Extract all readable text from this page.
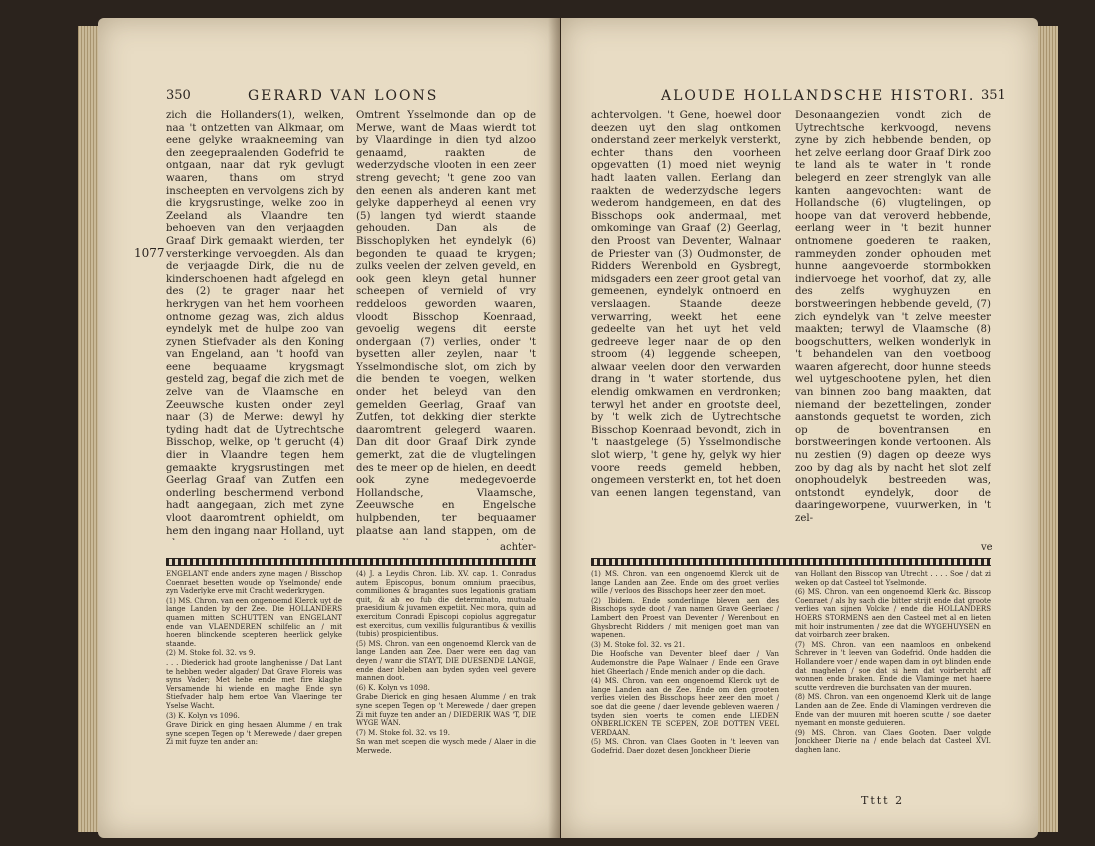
350	GERARD VAN LOONS
1077

zich die Hollanders(1), welken, naa 't ontzetten van Alkmaar, om eene gelyke wraakneeming van den zeegepraalenden Godefrid te ontgaan, naar dat ryk gevlugt waaren, thans om stryd inscheepten en vervolgens zich by die krygsrustinge, welke zoo in Zeeland als Vlaandre ten behoeven van den verjaagden Graaf Dirk gemaakt wierden, ter versterkinge vervoegden. Als dan de verjaagde Dirk, die nu de kinderschoenen hadt afgelegd en des (2) te grager naar het herkrygen van het hem voorheen ontnome gezag was, zich aldus eyndelyk met de hulpe zoo van zynen Stiefvader als den Koning van Engeland, aan 't hoofd van eene bequaame krygsmagt gesteld zag, begaf die zich met de zelve van de Vlaamsche en Zeeuwsche kusten onder zeyl naar (3) de Merwe: dewyl hy tyding hadt dat de Uytrechtsche Bisschop, welke, op 't gerucht (4) dier in Vlaandre tegen hem gemaakte krygsrustingen met Geerlag Graaf van Zutfen een onderling beschermend verbond hadt aangegaan, zich met zyne vloot daaromtrent ophieldt, om hem den ingang naar Holland, uyt

Omtrent Ysselmonde dan op de Merwe, want de Maas wierdt tot by Vlaardinge in dien tyd alzoo genaamd, raakten de wederzydsche vlooten in een zeer streng gevecht; 't gene zoo van den eenen als anderen kant met gelyke dapperheyd al eenen vry (5) langen tyd wierdt staande gehouden. Dan als de Bisschoplyken het eyndelyk (6) begonden te quaad te krygen; zulks veelen der zelven geveld, en ook geen kleyn getal hunner scheepen of vernield of vry reddeloos geworden waaren, vloodt Bisschop Koenraad, gevoelig wegens dit eerste ondergaan (7) verlies, onder 't bysetten aller zeylen, naar 't Ysselmondische slot, om zich by die benden te voegen, welken onder het beleyd van den gemelden Geerlag, Graaf van Zutfen, tot dekking dier sterkte daaromtrent gelegerd waaren. Dan dit door Graaf Dirk zynde gemerkt, zat die de vlugtelingen des te meer op de hielen, en deedt ook zyne medegevoerde Hollandsche, Vlaamsche, Zeeuwsche en Engelsche hulpbenden, ter bequaamer plaatse aan land stappen, om de

achter-

ENGELANT ende anders zyne magen / Bisschop Coenraet besetten woude op Yselmonde/ ende zyn Vaderlyke erve mit Cracht wederkrygen.

(1) MS. Chron. van een ongenoemd Klerck uyt de lange Landen by der Zee. Die HOLLANDERS quamen mitten SCHUTTEN van ENGELANT ende van VLAENDEREN schilfelic an / mit hoeren blinckende scepteren heerlick gelyke staande.

(2) M. Stoke fol. 32. vs 9.

. . . Diederick had groote langhenisse / Dat Lant te hebben weder algader/ Dat Grave Floreis was syns Vader; Met hebe ende met fire klaghe Versamende hi wiende en maghe Ende syn Stiefvader halp hem ertoe Van Vlaeringe ter Yselse Wacht.

(3) K. Kolyn vs 1096.

Grave Dirick en ging hesaen Alumme / en trak syne scepen Tegen op 't Merewede / daer grepen Zi mit fuyze ten ander an:

(4) J. a Leydis Chron. Lib. XV. cap. 1. Conradus autem Episcopus, bonum omnium praecibus, commiliones & bragantes suos legationis gratiam quit, & ab eo fub die determinato, mutuale praesidium & juvamen expetiit. Nec mora, quin ad exercitum Conradi Episcopi copiolus aggregatur est exercitus, cum vexillis fulgurantibus & vexillis (tubis) prospicientibus.

(5) MS. Chron. van een ongenoemd Klerck van de lange Landen aan Zee. Daer were een dag van deyen / wanr die STAYT, DIE DUESENDE LANGE, ende daer bleben aan byden syden veel gevere mannen doot.

(6) K. Kolyn vs 1098.

Grabe Dierick en ging hesaen Alumme / en trak syne scepen Tegen op 't Merewede / daer grepen Zi mit fuyze ten ander an / DIEDERIK WAS 'T, DIE WYGE WAN.

(7) M. Stoke fol. 32. vs 19.

Sn wan met scepen die wysch mede / Alaer in die Merwede.

ALOUDE HOLLANDSCHE HISTORI. 351

achtervolgen. 't Gene, hoewel door deezen uyt den slag ontkomen onderstand zeer merkelyk versterkt, echter thans den voorheen opgevatten (1) moed niet weynig hadt laaten vallen. Eerlang dan raakten de wederzydsche legers wederom handgemeen, en dat des Bisschops ook andermaal, met omkominge van Graaf (2) Geerlag, den Proost van Deventer, Walnaar de Priester van (3) Oudmonster, de Ridders Werenbold en Gysbregt, midsgaders een zeer groot getal van gemeenen, eyndelyk ontnoerd en verslaagen. Staande deeze verwarring, weekt het eene gedeelte van het uyt het veld gedreeve leger naar de op den stroom (4) leggende scheepen, alwaar veelen door den verwarden drang in 't water stortende, dus elendig omkwamen en verdronken; terwyl het ander en grootste deel, by 't welk zich de Uytrechtsche Bisschop Koenraad bevondt, zich in 't naastgelege (5) Ysselmondische slot wierp, 't gene hy, gelyk wy hier voore reeds gemeld hebben, ongemeen versterkt en, tot het doen van eenen langen tegenstand, van

Desonaangezien vondt zich de Uytrechtsche kerkvoogd, nevens zyne by zich hebbende benden, op het zelve eerlang door Graaf Dirk zoo te land als te water in 't ronde belegerd en zeer strenglyk van alle kanten aangevochten: want de Hollandsche (6) vlugtelingen, op hoope van dat veroverd hebbende, eerlang weer in 't bezit hunner ontnomene goederen te raaken, rammeyden zonder ophouden met hunne aangevoerde stormbokken indiervoege het voorhof, dat zy, alle des zelfs wyghuyzen en borstweeringen hebbende geveld, (7) zich eyndelyk van 't zelve meester maakten; terwyl de Vlaamsche (8) boogschutters, welken wonderlyk in 't behandelen van den voetboog waaren afgerecht, door hunne steeds wel uytgeschootene pylen, het dien van binnen zoo bang maakten, dat niemand der bezettelingen, zonder aanstonds gequetst te worden, zich op de boventransen en borstweeringen konde vertoonen. Als nu zestien (9) dagen op deeze wys zoo by dag als by nacht het slot zelf onophoudelyk bestreeden was, ontstondt eyndelyk, door de daaringeworpene, vuurwerken, in 't zel-

ve

(1) MS. Chron. van een ongenoemd Klerck uit de lange Landen aan Zee. Ende om des groet verlies wille / verloos des Bisschops heer zeer den moet.

(2) Ibidem. Ende sonderlinge bleven aen des Bisschops syde doot / van namen Grave Geerlaec / Lambert den Proest van Deventer / Werenbout en Ghysbrecht Ridders / mit menigen goet man van wapenen.

(3) M. Stoke fol. 32. vs 21.

Die Hoofsche van Deventer bleef daer / Van Audemonstre die Pape Walnaer / Ende een Grave hiet Gheerlach / Ende menich ander op die dach.

(4) MS. Chron. van een ongenoemd Klerck uyt de lange Landen aan de Zee. Ende om den grooten verlies vielen des Bisschops heer zeer den moet / soe dat die geene / daer levende gebleven waeren / tsyden sien voerts te comen ende LIEDEN ONBERLICKEN TE SCEPEN, ZOE DOTTEN VEEL VERDAAN.

(5) MS. Chron. van Claes Gooten in 't leeven van Godefrid. Daer dozet desen Jonckheer Dierie

van Hollant den Bisscop van Utrecht . . . . Soe / dat zi weken op dat Casteel tot Yselmonde.

(6) MS. Chron. van een ongenoemd Klerk &c. Bisscop Coenraet / als hy sach die bitter strijt ende dat groote verlies van sijnen Volcke / ende die HOLLANDERS HOERS STORMENS aen den Casteel met al en lieten mit hoir instrumenten / zee dat die WYGEHUYSEN en dat voirbarch zeer braken.

(7) MS. Chron. van een naamloos en onbekend Schrever in 't leeven van Godefrid. Onde hadden die Hollandere voer / ende wapen dam in oyt blinden ende dat maghelen / soe dat si hem dat voirbercht aff wonnen ende braken. Ende die Vlaminge met haere scutte verdreven die burchsaten van der muuren.

(8) MS. Chron. van een ongenoemd Klerk uit de lange Landen aan de Zee. Ende di Vlamingen verdreven die Ende van der muuren mit hoeren scutte / soe daeter nyemant en monste geduieren.

(9) MS. Chron. van Claes Gooten. Daer volgde Jonckheer Dierie na / ende belach dat Casteel XVI. daghen lanc.

Tttt 2
